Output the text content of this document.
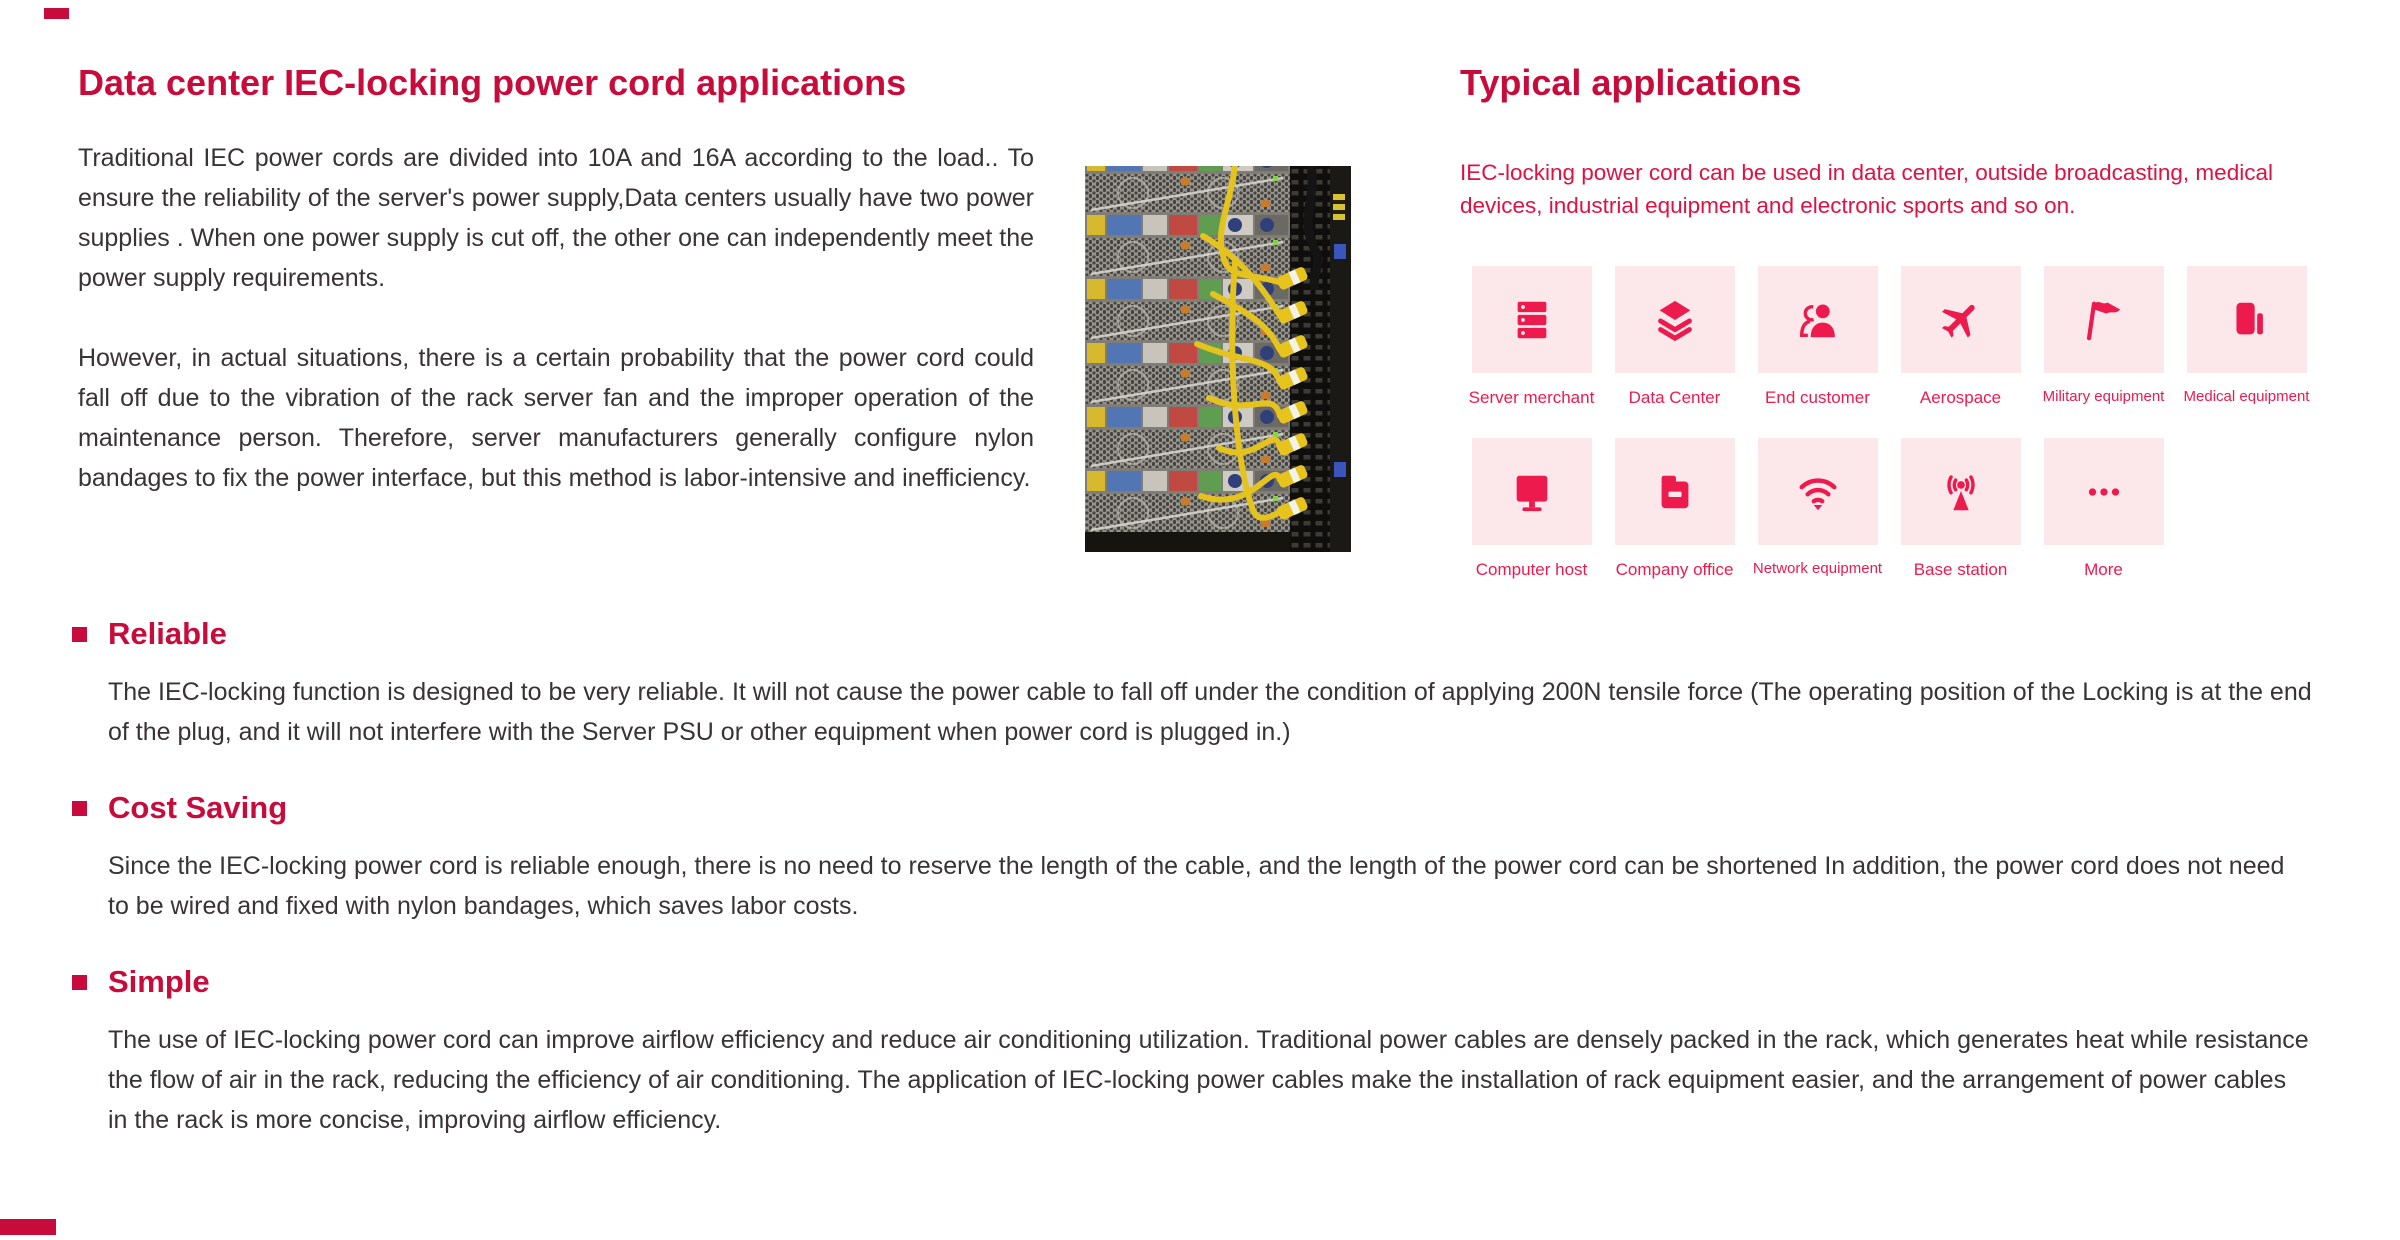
Data center IEC-locking power cord applications

Traditional IEC power cords are divided into 10A and 16A according to the load.. To ensure the reliability of the server's power supply,Data centers usually have two power supplies . When one power supply is cut off, the other one can independently meet the power supply requirements.

However, in actual situations, there is a certain probability that the power cord could fall off due to the vibration of the rack server fan and the improper operation of the maintenance person. Therefore, server manufacturers generally configure nylon bandages to fix the power interface, but this method is labor-intensive and inefficiency.

Typical applications
IEC-locking power cord can be used in data center, outside broadcasting, medical devices, industrial equipment and electronic sports and so on.
Server merchant Data Center	End customer	Aerospace	Military equipment Medical equipment
Computer host Company office Network equipment Base station	More
Reliable

The IEC-locking function is designed to be very reliable. It will not cause the power cable to fall off under the condition of applying 200N tensile force (The operating position of the Locking is at the end of the plug, and it will not interfere with the Server PSU or other equipment when power cord is plugged in.)

Cost Saving

Since the IEC-locking power cord is reliable enough, there is no need to reserve the length of the cable, and the length of the power cord can be shortened In addition, the power cord does not need to be wired and fixed with nylon bandages, which saves labor costs.

Simple

The use of IEC-locking power cord can improve airflow efficiency and reduce air conditioning utilization. Traditional power cables are densely packed in the rack, which generates heat while resistance the flow of air in the rack, reducing the efficiency of air conditioning. The application of IEC-locking power cables make the installation of rack equipment easier, and the arrangement of power cables in the rack is more concise, improving airflow efficiency.
